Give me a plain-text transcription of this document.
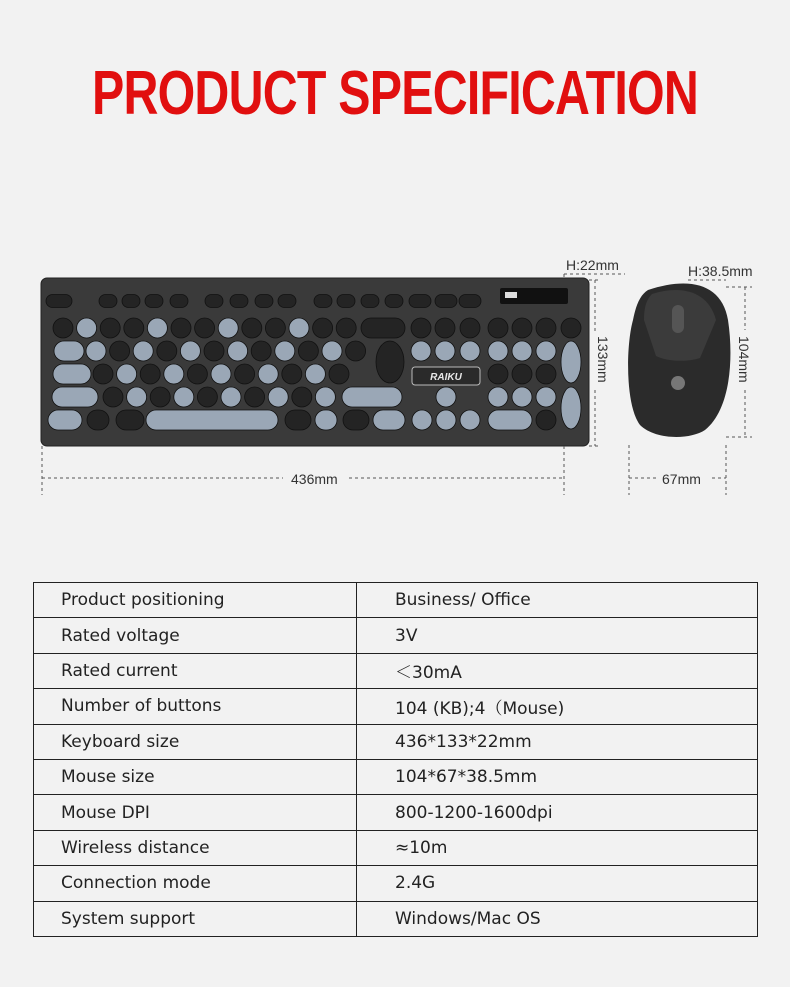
PRODUCT SPECIFICATION
RAIKU
436mm
H:22mm
133mm
H:38.5mm
104mm
67mm
Product positioning	Business/ Office
Rated voltage	3V
Rated current	＜30mA
Number of buttons	104 (KB);4（Mouse)
Keyboard size	436*133*22mm
Mouse size	104*67*38.5mm
Mouse DPI	800-1200-1600dpi
Wireless distance	≈10m
Connection mode	2.4G
System support	Windows/Mac OS
